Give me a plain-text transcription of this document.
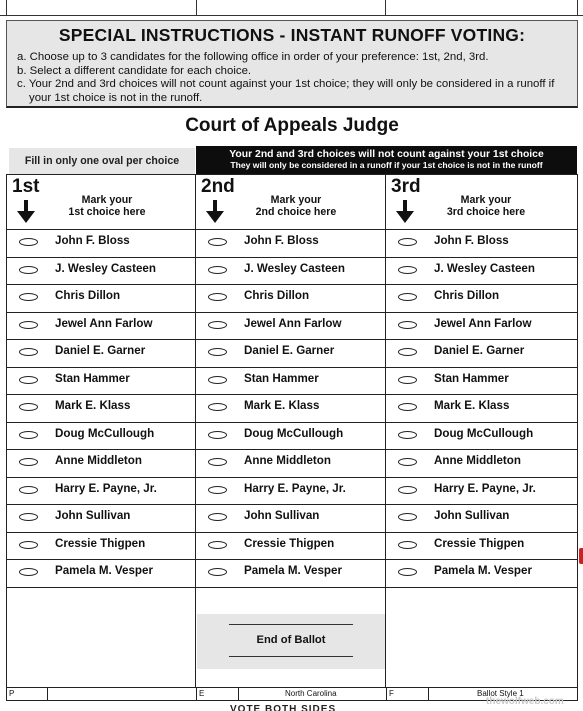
SPECIAL INSTRUCTIONS - INSTANT RUNOFF VOTING:
a. Choose up to 3 candidates for the following office in order of your preference: 1st, 2nd, 3rd.
b. Select a different candidate for each choice.
c. Your 2nd and 3rd choices will not count against your 1st choice; they will only be considered in a runoff if
your 1st choice is not in the runoff.
Court of Appeals Judge
Fill in only one oval per choice
Your 2nd and 3rd choices will not count against your 1st choice
They will only be considered in a runoff if your 1st choice is not in the runoff
1st
Mark your
1st choice here
2nd
Mark your
2nd choice here
3rd
Mark your
3rd choice here
John F. Bloss	John F. Bloss	John F. Bloss
J. Wesley Casteen	J. Wesley Casteen	J. Wesley Casteen
Chris Dillon	Chris Dillon	Chris Dillon
Jewel Ann Farlow	Jewel Ann Farlow	Jewel Ann Farlow
Daniel E. Garner	Daniel E. Garner	Daniel E. Garner
Stan Hammer	Stan Hammer	Stan Hammer
Mark E. Klass	Mark E. Klass	Mark E. Klass
Doug McCullough	Doug McCullough	Doug McCullough
Anne Middleton	Anne Middleton	Anne Middleton
Harry E. Payne, Jr.	Harry E. Payne, Jr.	Harry E. Payne, Jr.
John Sullivan	John Sullivan	John Sullivan
Cressie Thigpen	Cressie Thigpen	Cressie Thigpen
Pamela M. Vesper	Pamela M. Vesper	Pamela M. Vesper
End of Ballot
P	E	North Carolina	F	Ballot Style 1
VOTE BOTH SIDES
thewolfweb.com
